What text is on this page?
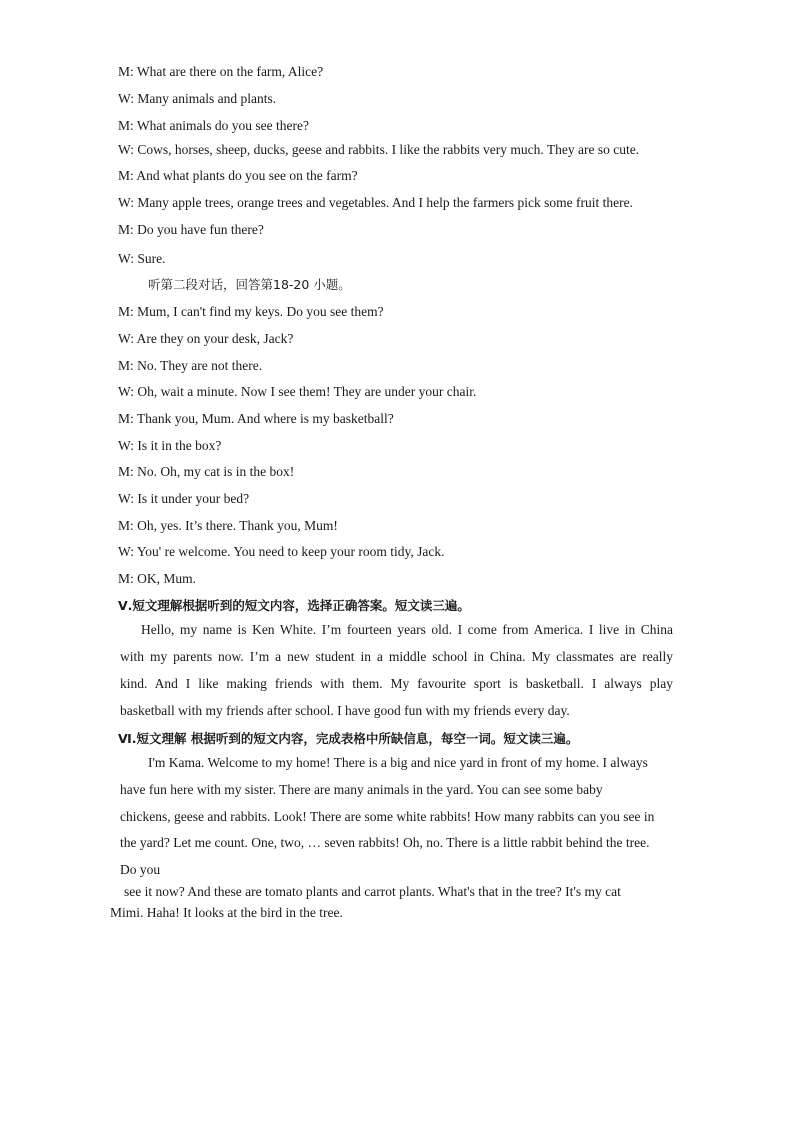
M: What are there on the farm, Alice?
W: Many animals and plants.
M: What animals do you see there?
W: Cows, horses, sheep, ducks, geese and rabbits. I like the rabbits very much. They are so cute.
M: And what plants do you see on the farm?
W: Many apple trees, orange trees and vegetables. And I help the farmers pick some fruit there.
M: Do you have fun there?
W: Sure.
听第二段对话，回答第18-20 小题。
M: Mum, I can't find my keys. Do you see them?
W: Are they on your desk, Jack?
M: No. They are not there.
W: Oh, wait a minute. Now I see them! They are under your chair.
M: Thank you, Mum. And where is my basketball?
W: Is it in the box?
M: No. Oh, my cat is in the box!
W: Is it under your bed?
M: Oh, yes. It’s there. Thank you, Mum!
W: You' re welcome. You need to keep your room tidy, Jack.
M: OK, Mum.
Ⅴ.短文理解根据听到的短文内容，选择正确答案。短文读三遍。
Hello, my name is Ken White. I’m fourteen years old. I come from America. I live in China
with my parents now. I’m a new student in a middle school in China. My classmates are really
kind. And I like making friends with them. My favourite sport is basketball. I always play
basketball with my friends after school. I have good fun with my friends every day.
Ⅵ.短文理解 根据听到的短文内容，完成表格中所缺信息，每空一词。短文读三遍。
I'm Kama. Welcome to my home! There is a big and nice yard in front of my home. I always
have fun here with my sister. There are many animals in the yard. You can see some baby
chickens, geese and rabbits. Look! There are some white rabbits! How many rabbits can you see in
the yard? Let me count. One, two, … seven rabbits! Oh, no. There is a little rabbit behind the tree.
Do you
see it now? And these are tomato plants and carrot plants. What's that in the tree? It's my cat
Mimi. Haha! It looks at the bird in the tree.
